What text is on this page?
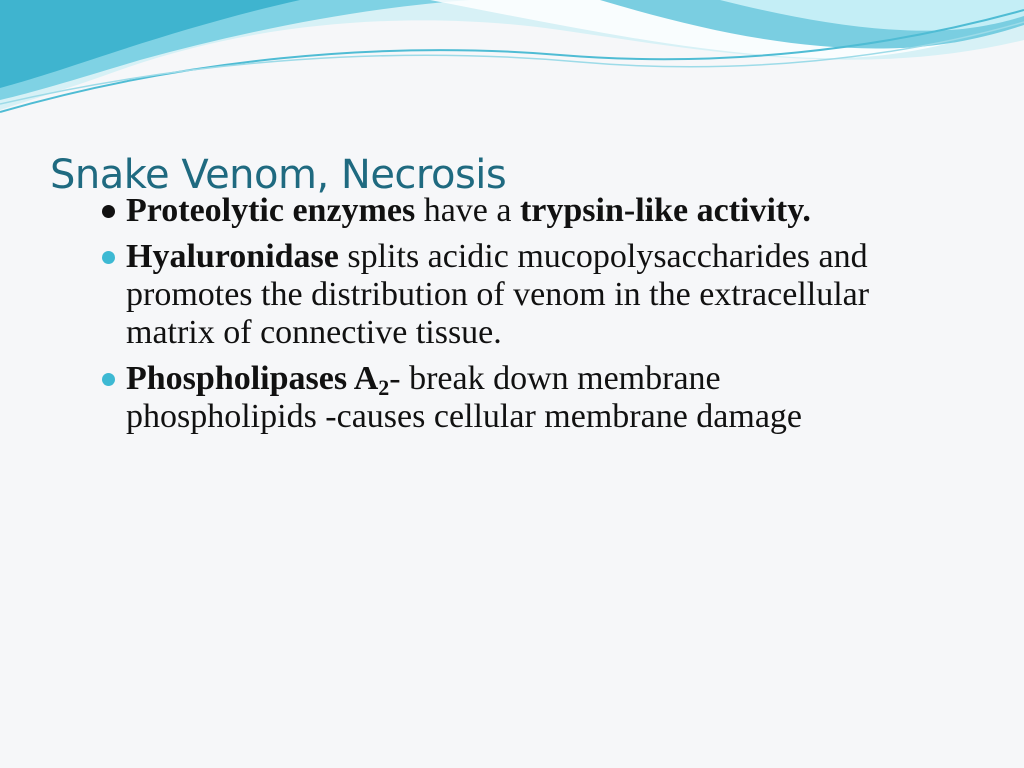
Snake Venom, Necrosis
Proteolytic enzymes have a trypsin-like activity.
Hyaluronidase splits acidic mucopolysaccharides and promotes the distribution of venom in the extracellular matrix of connective tissue.
Phospholipases $A_2-$ break down membrane phospholipids -causes cellular membrane damage
